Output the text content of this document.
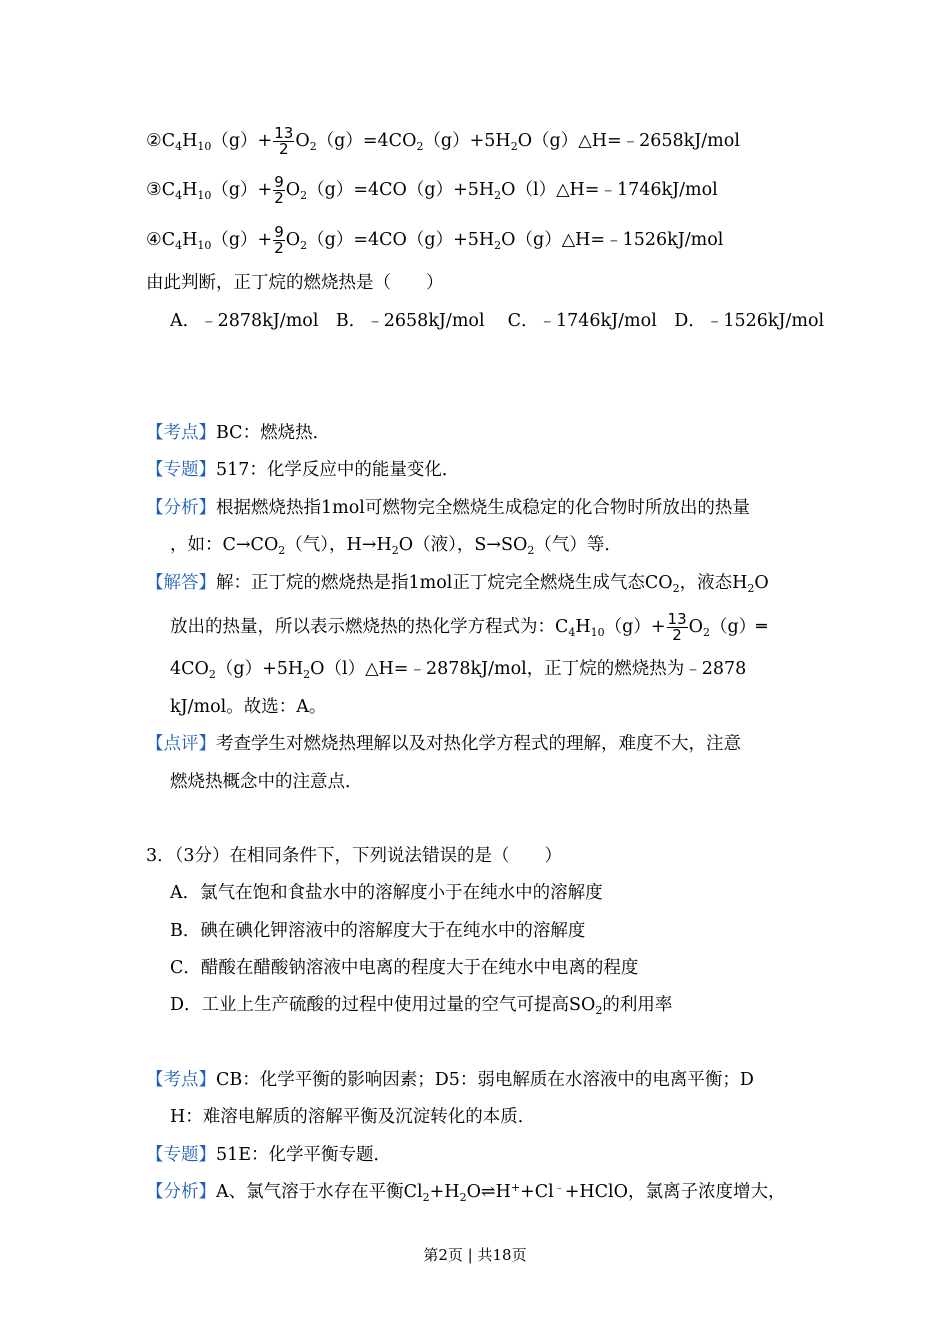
$②C_4H_{10}(g)+ \frac{13}{2}$ $O_2(g)=4CO_2(g)+5H_2O(g)\triangle H=﹣2658kJ$/mol
$③C_4H_{10}(g)+ \frac{9}{2}$ $O_2(g)=4CO(g)+5H_2O(l)\triangle H=﹣1746kJ$/mol
$④C_4H_{10}(g)+ \frac{9}{2}$ $O_2(g)=4CO(g)+5H_2O(g)\triangle H=﹣1526kJ$/mol
由此判断，正丁烷的燃烧热是（　　）
A．﹣2878kJ/mol　B．﹣2658kJ/mol　 C．﹣1746kJ/mol　D．﹣1526kJ/mol
【考点】BC：燃烧热．
【专题】517：化学反应中的能量变化．
【分析】根据燃烧热指1mol可燃物完全燃烧生成稳定的化合物时所放出的热量
，如：$C\to CO_2$（气），$H\to H_2O$（液），$S\to SO_2$（气）等．
【解答】解：正丁烷的燃烧热是指1mol正丁烷完全燃烧生成气态$CO_2$，液态$H_2O$
放出的热量，所以表示燃烧热的热化学方程式为：$C_4H_{10}(g)+ \frac{13}{2}$ $O_2(g)═$
$4CO_2(g)+5H_2O(l)\triangle H=﹣2878kJ$/mol，正丁烷的燃烧热为﹣2878
kJ/mol。故选：A。
【点评】考查学生对燃烧热理解以及对热化学方程式的理解，难度不大，注意
燃烧热概念中的注意点．
3．（3分）在相同条件下，下列说法错误的是（　　）
A．氯气在饱和食盐水中的溶解度小于在纯水中的溶解度
B．碘在碘化钾溶液中的溶解度大于在纯水中的溶解度
C．醋酸在醋酸钠溶液中电离的程度大于在纯水中电离的程度
D．工业上生产硫酸的过程中使用过量的空气可提高$SO_2$的利用率
【考点】CB：化学平衡的影响因素；D5：弱电解质在水溶液中的电离平衡；D
H：难溶电解质的溶解平衡及沉淀转化的本质．
【专题】51E：化学平衡专题．
【分析】A、氯气溶于水存在平衡$Cl_2+H_2O\rightleftharpoons H^++Cl^﹣+HClO$，氯离子浓度增大，
第2页 | 共18页
